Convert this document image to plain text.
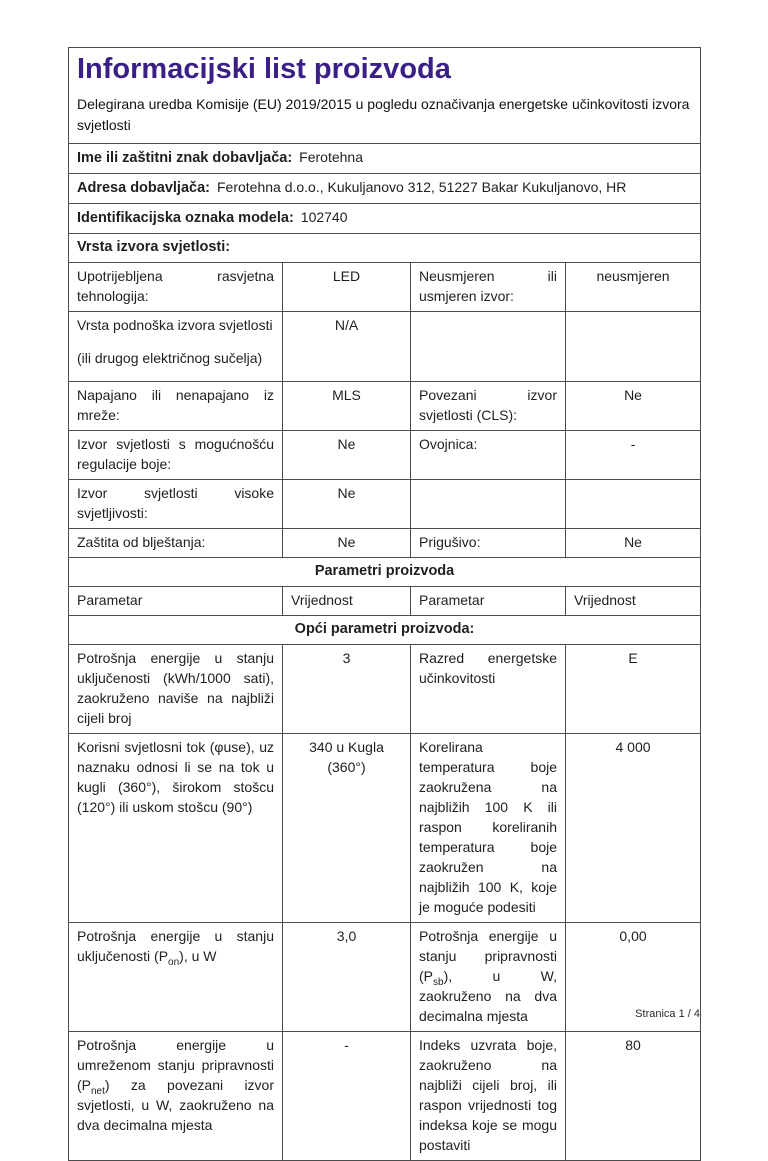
Informacijski list proizvoda

Delegirana uredba Komisije (EU) 2019/2015 u pogledu označivanja energetske učinkovitosti izvora svjetlosti

Ime ili zaštitni znak dobavljača: Ferotehna			
Adresa dobavljača: Ferotehna d.o.o., Kukuljanovo 312, 51227 Bakar Kukuljanovo, HR			
Identifikacijska oznaka modela: 102740			
Vrsta izvora svjetlosti:			
Upotrijebljena rasvjetna tehnologija:	LED	Neusmjeren ili usmjeren izvor:	neusmjeren

Vrsta podnoška izvora svjetlosti
(ili drugog električnog sučelja)	N/A		
Napajano ili nenapajano iz mreže:	MLS	Povezani izvor svjetlosti (CLS):	Ne
Izvor svjetlosti s mogućnošću regulacije boje:	Ne	Ovojnica:	-
Izvor svjetlosti visoke svjetljivosti:	Ne		
Zaštita od blještanja:	Ne	Prigušivo:	Ne
Parametri proizvoda			
Parametar	Vrijednost	Parametar	Vrijednost
Opći parametri proizvoda:			
Potrošnja energije u stanju uključenosti (kWh/1000 sati), zaokruženo naviše na najbliži cijeli broj	3	Razred energetske učinkovitosti	E
Korisni svjetlosni tok (φuse), uz naznaku odnosi li se na tok u kugli (360°), širokom stošcu (120°) ili uskom stošcu (90°)	340 u Kugla (360°)	Korelirana temperatura boje zaokružena na najbližih 100 K ili raspon koreliranih temperatura boje zaokružen na najbližih 100 K, koje je moguće podesiti	4 000
Potrošnja energije u stanju uključenosti $(P_{on})$, u W	3,0	Potrošnja energije u stanju pripravnosti $(P_{sb})$, u W, zaokruženo na dva decimalna mjesta	0,00
Potrošnja energije u umreženom stanju pripravnosti $(P_{net})$ za povezani izvor svjetlosti, u W, zaokruženo na dva decimalna mjesta	-	Indeks uzvrata boje, zaokruženo na najbliži cijeli broj, ili raspon vrijednosti tog indeksa koje se mogu postaviti	80
Stranica 1 / 4
